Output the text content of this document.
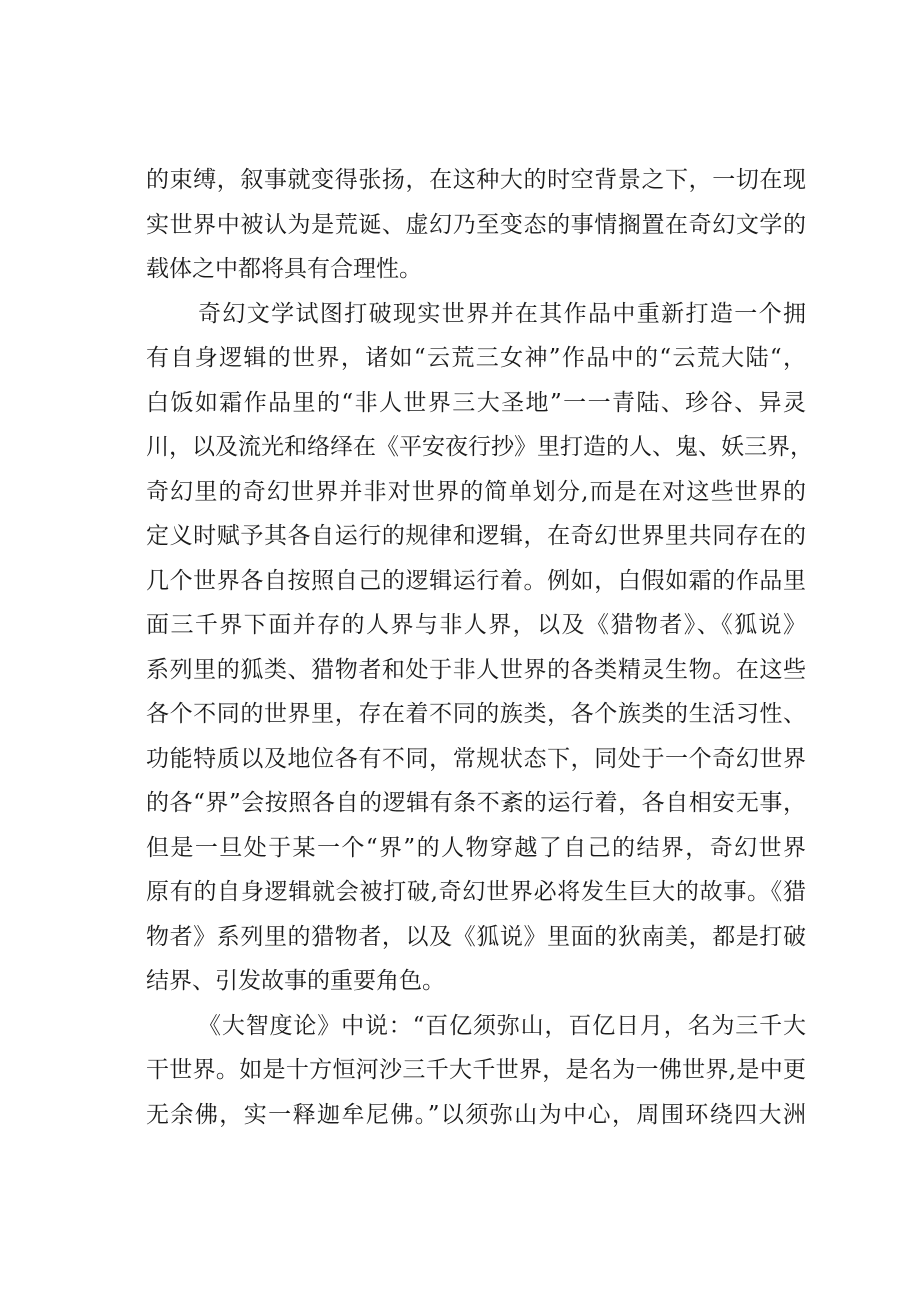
的束缚，叙事就变得张扬，在这种大的时空背景之下，一切在现
实世界中被认为是荒诞、虚幻乃至变态的事情搁置在奇幻文学的
载体之中都将具有合理性。
奇幻文学试图打破现实世界并在其作品中重新打造一个拥
有自身逻辑的世界，诸如“云荒三女神”作品中的“云荒大陆“，
白饭如霜作品里的“非人世界三大圣地”一一青陆、珍谷、异灵
川，以及流光和络绎在《平安夜行抄》里打造的人、鬼、妖三界，
奇幻里的奇幻世界并非对世界的简单划分,而是在对这些世界的
定义时赋予其各自运行的规律和逻辑，在奇幻世界里共同存在的
几个世界各自按照自己的逻辑运行着。例如，白假如霜的作品里
面三千界下面并存的人界与非人界，以及《猎物者》、《狐说》
系列里的狐类、猎物者和处于非人世界的各类精灵生物。在这些
各个不同的世界里，存在着不同的族类，各个族类的生活习性、
功能特质以及地位各有不同，常规状态下，同处于一个奇幻世界
的各“界”会按照各自的逻辑有条不紊的运行着，各自相安无事，
但是一旦处于某一个“界”的人物穿越了自己的结界，奇幻世界
原有的自身逻辑就会被打破,奇幻世界必将发生巨大的故事。《猎
物者》系列里的猎物者，以及《狐说》里面的狄南美，都是打破
结界、引发故事的重要角色。
《大智度论》中说：“百亿须弥山，百亿日月，名为三千大
干世界。如是十方恒河沙三千大千世界，是名为一佛世界,是中更
无余佛，实一释迦牟尼佛。”以须弥山为中心，周围环绕四大洲
